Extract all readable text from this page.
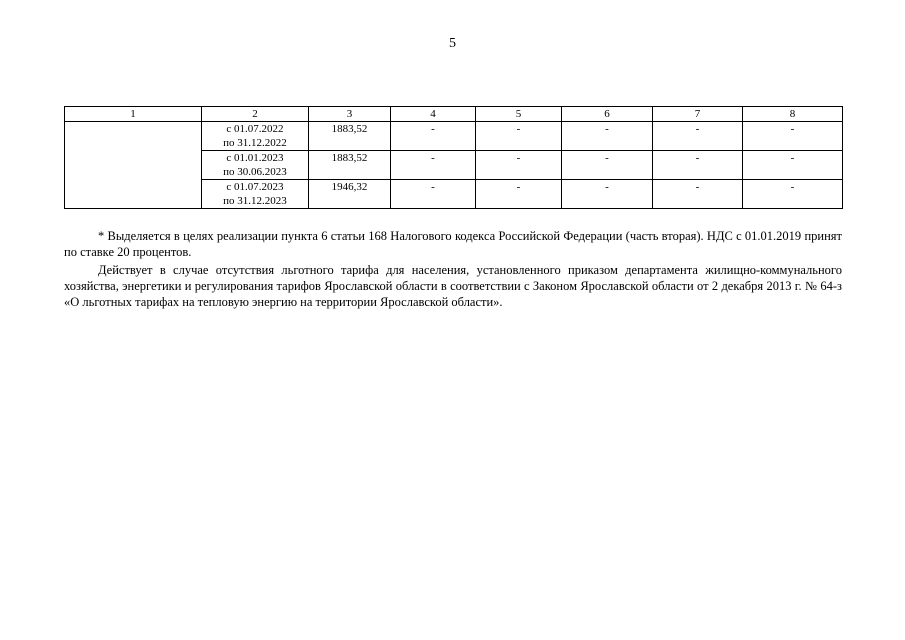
5
1	2	3	4	5	6	7	8
	с 01.07.2022
по 31.12.2022	1883,52	-	-	-	-	-
	с 01.01.2023
по 30.06.2023	1883,52	-	-	-	-	-
	с 01.07.2023
по 31.12.2023	1946,32	-	-	-	-	-

* Выделяется в целях реализации пункта 6 статьи 168 Налогового кодекса Российской Федерации (часть вторая). НДС с 01.01.2019 принят по ставке 20 процентов.

Действует в случае отсутствия льготного тарифа для населения, установленного приказом департамента жилищно-коммунального хозяйства, энергетики и регулирования тарифов Ярославской области в соответствии с Законом Ярославской области от 2 декабря 2013 г. № 64-з «О льготных тарифах на тепловую энергию на территории Ярославской области».
